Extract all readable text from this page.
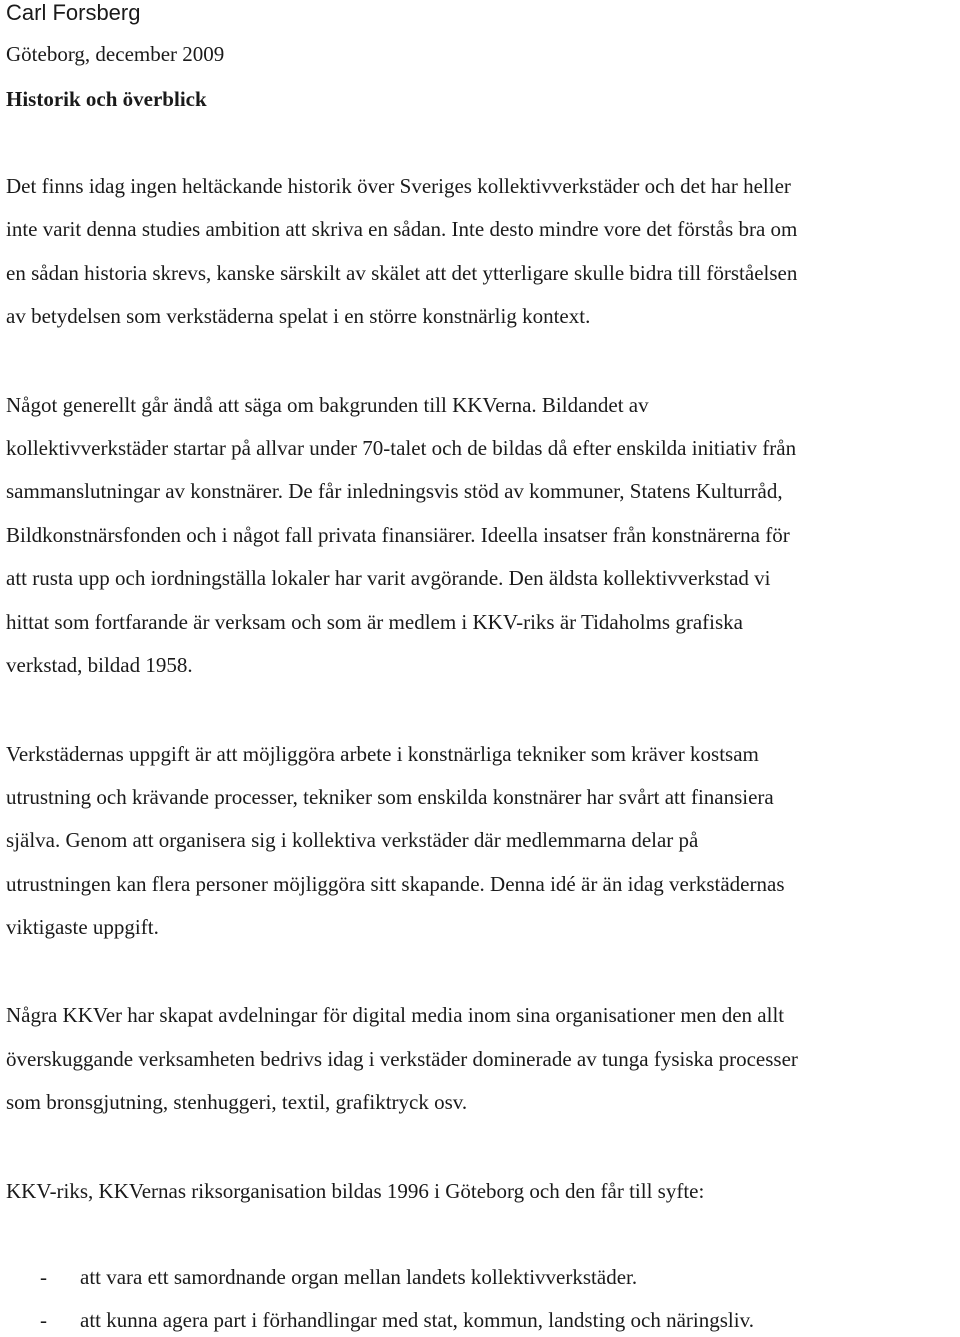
Carl Forsberg
Göteborg, december 2009
Historik och överblick
Det finns idag ingen heltäckande historik över Sveriges kollektivverkstäder och det har heller
inte varit denna studies ambition att skriva en sådan. Inte desto mindre vore det förstås bra om
en sådan historia skrevs, kanske särskilt av skälet att det ytterligare skulle bidra till förståelsen
av betydelsen som verkstäderna spelat i en större konstnärlig kontext.
Något generellt går ändå att säga om bakgrunden till KKVerna. Bildandet av
kollektivverkstäder startar på allvar under 70-talet och de bildas då efter enskilda initiativ från
sammanslutningar av konstnärer. De får inledningsvis stöd av kommuner, Statens Kulturråd,
Bildkonstnärsfonden och i något fall privata finansiärer. Ideella insatser från konstnärerna för
att rusta upp och iordningställa lokaler har varit avgörande. Den äldsta kollektivverkstad vi
hittat som fortfarande är verksam och som är medlem i KKV-riks är Tidaholms grafiska
verkstad, bildad 1958.
Verkstädernas uppgift är att möjliggöra arbete i konstnärliga tekniker som kräver kostsam
utrustning och krävande processer, tekniker som enskilda konstnärer har svårt att finansiera
själva. Genom att organisera sig i kollektiva verkstäder där medlemmarna delar på
utrustningen kan flera personer möjliggöra sitt skapande. Denna idé är än idag verkstädernas
viktigaste uppgift.
Några KKVer har skapat avdelningar för digital media inom sina organisationer men den allt
överskuggande verksamheten bedrivs idag i verkstäder dominerade av tunga fysiska processer
som bronsgjutning, stenhuggeri, textil, grafiktryck osv.
KKV-riks, KKVernas riksorganisation bildas 1996 i Göteborg och den får till syfte:
- att vara ett samordnande organ mellan landets kollektivverkstäder.
- att kunna agera part i förhandlingar med stat, kommun, landsting och näringsliv.
